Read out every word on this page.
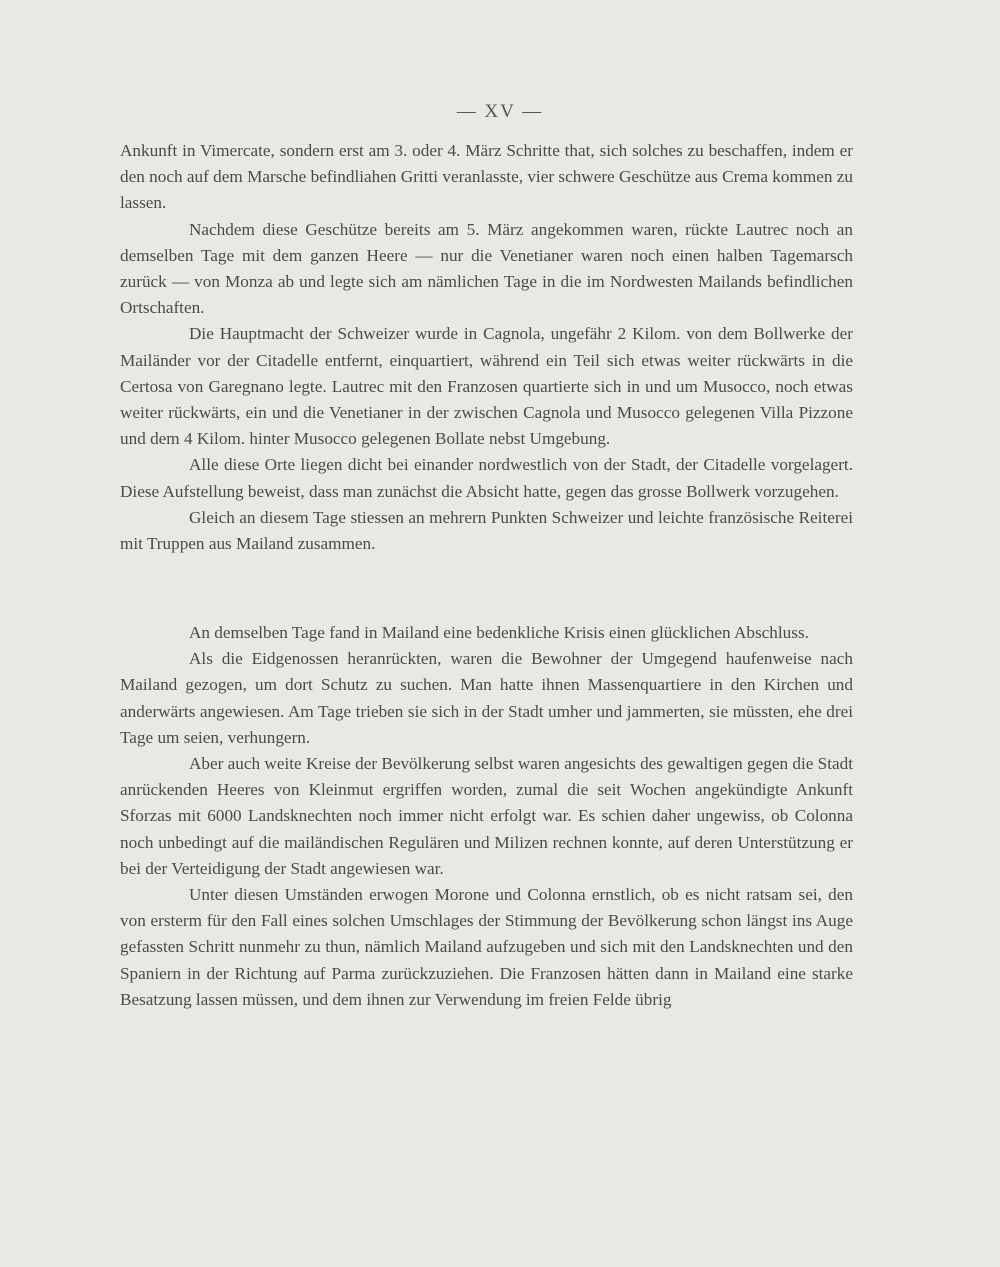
— XV —

Ankunft in Vimercate, sondern erst am 3. oder 4. März Schritte that, sich solches zu beschaffen, indem er den noch auf dem Marsche befindliahen Gritti veranlasste, vier schwere Geschütze aus Crema kommen zu lassen.

Nachdem diese Geschütze bereits am 5. März angekommen waren, rückte Lautrec noch an demselben Tage mit dem ganzen Heere — nur die Venetianer waren noch einen halben Tagemarsch zurück — von Monza ab und legte sich am nämlichen Tage in die im Nordwesten Mailands befindlichen Ortschaften.

Die Hauptmacht der Schweizer wurde in Cagnola, ungefähr 2 Kilom. von dem Bollwerke der Mailänder vor der Citadelle entfernt, einquartiert, während ein Teil sich etwas weiter rückwärts in die Certosa von Garegnano legte. Lautrec mit den Franzosen quartierte sich in und um Musocco, noch etwas weiter rückwärts, ein und die Venetianer in der zwischen Cagnola und Musocco gelegenen Villa Pizzone und dem 4 Kilom. hinter Musocco gelegenen Bollate nebst Umgebung.

Alle diese Orte liegen dicht bei einander nordwestlich von der Stadt, der Citadelle vorgelagert. Diese Aufstellung beweist, dass man zunächst die Absicht hatte, gegen das grosse Bollwerk vorzugehen.

Gleich an diesem Tage stiessen an mehrern Punkten Schweizer und leichte französische Reiterei mit Truppen aus Mailand zusammen.

An demselben Tage fand in Mailand eine bedenkliche Krisis einen glücklichen Abschluss.

Als die Eidgenossen heranrückten, waren die Bewohner der Umgegend haufenweise nach Mailand gezogen, um dort Schutz zu suchen. Man hatte ihnen Massenquartiere in den Kirchen und anderwärts angewiesen. Am Tage trieben sie sich in der Stadt umher und jammerten, sie müssten, ehe drei Tage um seien, verhungern.

Aber auch weite Kreise der Bevölkerung selbst waren angesichts des gewaltigen gegen die Stadt anrückenden Heeres von Kleinmut ergriffen worden, zumal die seit Wochen angekündigte Ankunft Sforzas mit 6000 Landsknechten noch immer nicht erfolgt war. Es schien daher ungewiss, ob Colonna noch unbedingt auf die mailändischen Regulären und Milizen rechnen konnte, auf deren Unterstützung er bei der Verteidigung der Stadt angewiesen war.

Unter diesen Umständen erwogen Morone und Colonna ernstlich, ob es nicht ratsam sei, den von ersterm für den Fall eines solchen Umschlages der Stimmung der Bevölkerung schon längst ins Auge gefassten Schritt nunmehr zu thun, nämlich Mailand aufzugeben und sich mit den Landsknechten und den Spaniern in der Richtung auf Parma zurückzuziehen. Die Franzosen hätten dann in Mailand eine starke Besatzung lassen müssen, und dem ihnen zur Verwendung im freien Felde übrig
